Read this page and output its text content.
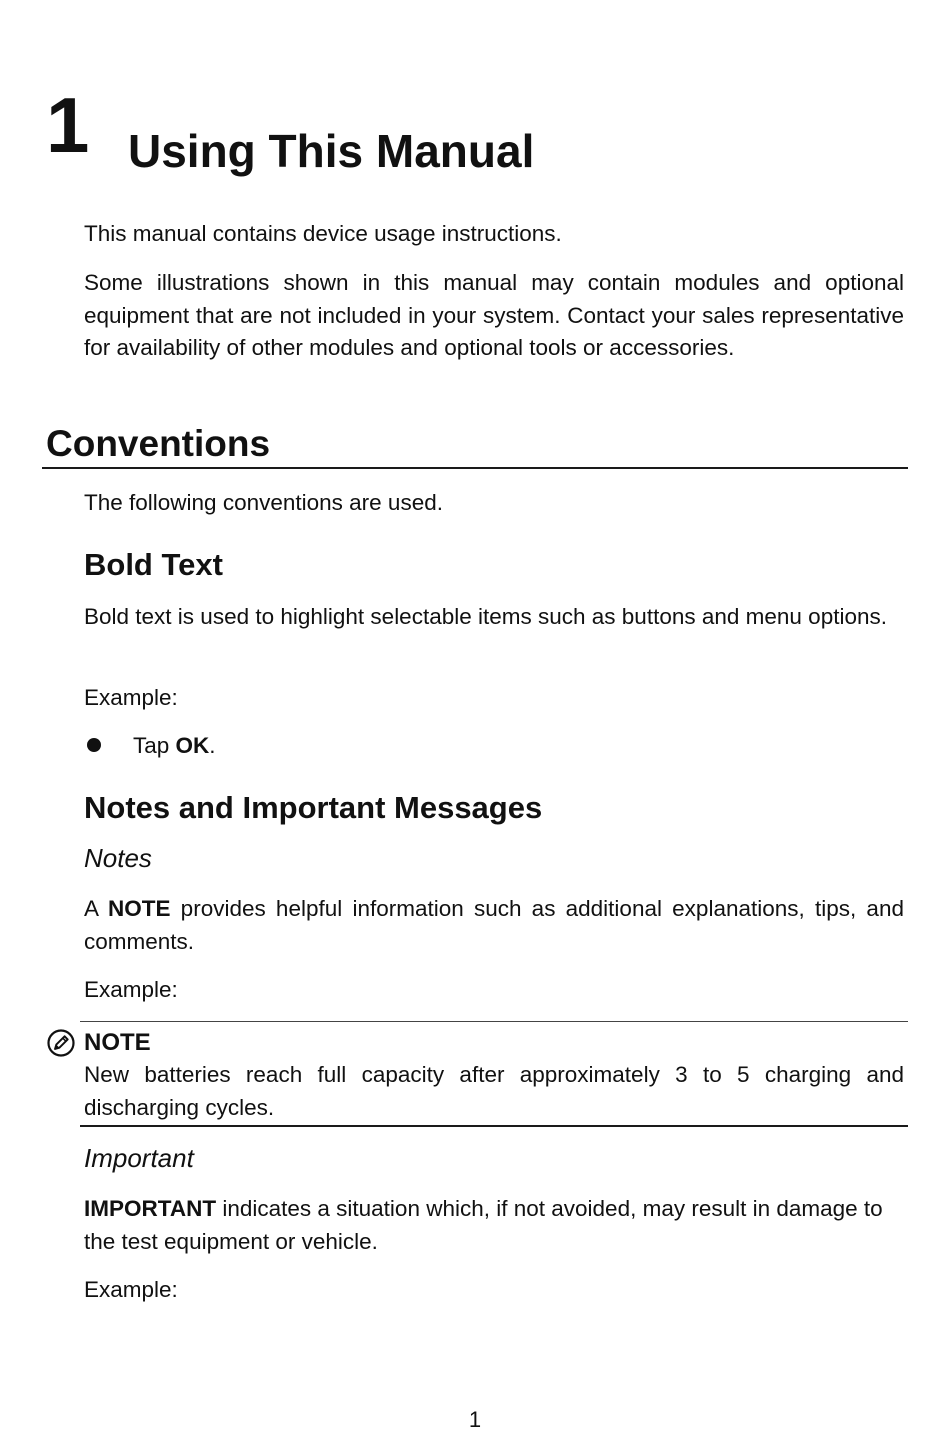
1 Using This Manual
This manual contains device usage instructions.
Some illustrations shown in this manual may contain modules and optional equipment that are not included in your system. Contact your sales representative for availability of other modules and optional tools or accessories.
Conventions
The following conventions are used.
Bold Text
Bold text is used to highlight selectable items such as buttons and menu options.
Example:
Tap OK.
Notes and Important Messages
Notes
A NOTE provides helpful information such as additional explanations, tips, and comments.
Example:
NOTE
New batteries reach full capacity after approximately 3 to 5 charging and discharging cycles.
Important
IMPORTANT indicates a situation which, if not avoided, may result in damage to the test equipment or vehicle.
Example:
1
